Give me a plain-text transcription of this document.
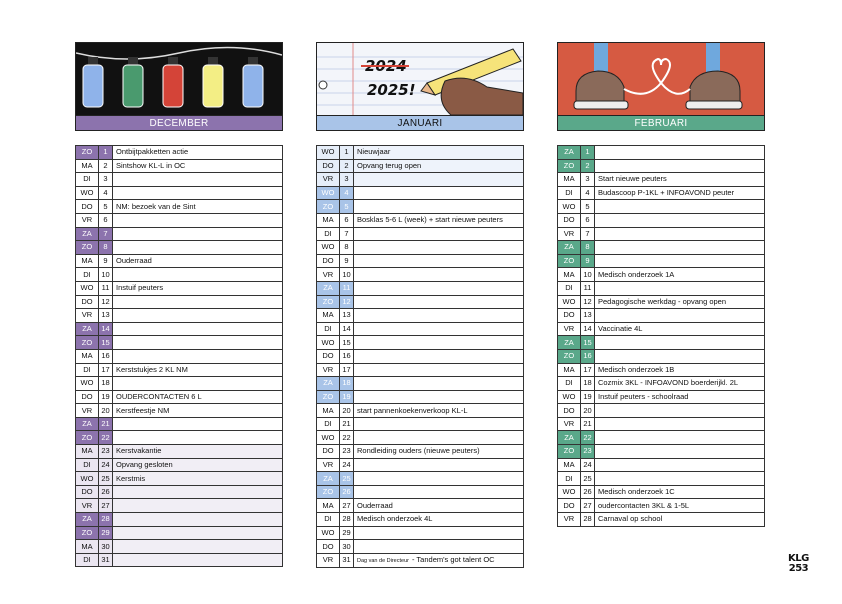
DECEMBER
ZO	1	Ontbijtpakketten actie
MA	2	Sintshow KL-L in OC
DI	3	
WO	4	
DO	5	NM: bezoek van de Sint
VR	6	
ZA	7	
ZO	8	
MA	9	Ouderraad
DI	10	
WO	11	Instuif peuters
DO	12	
VR	13	
ZA	14	
ZO	15	
MA	16	
DI	17	Kerststukjes 2 KL NM
WO	18	
DO	19	OUDERCONTACTEN 6 L
VR	20	Kerstfeestje NM
ZA	21	
ZO	22	
MA	23	Kerstvakantie
DI	24	Opvang gesloten
WO	25	Kerstmis
DO	26	
VR	27	
ZA	28	
ZO	29	
MA	30	
DI	31	
2024
2025!
JANUARI
WO	1	Nieuwjaar
DO	2	Opvang terug open
VR	3	
WO	4	
ZO	5	
MA	6	Bosklas 5-6 L (week) + start nieuwe peuters
DI	7	
WO	8	
DO	9	
VR	10	
ZA	11	
ZO	12	
MA	13	
DI	14	
WO	15	
DO	16	
VR	17	
ZA	18	
ZO	19	
MA	20	start pannenkoekenverkoop KL-L
DI	21	
WO	22	
DO	23	Rondleiding ouders (nieuwe peuters)
VR	24	
ZA	25	
ZO	26	
MA	27	Ouderraad
DI	28	Medisch onderzoek 4L
WO	29	
DO	30	
VR	31	Dag van de Directeur - Tandem's got talent OC
FEBRUARI
ZA	1	
ZO	2	
MA	3	Start nieuwe peuters
DI	4	Budascoop P-1KL + INFOAVOND peuter
WO	5	
DO	6	
VR	7	
ZA	8	
ZO	9	
MA	10	Medisch onderzoek 1A
DI	11	
WO	12	Pedagogische werkdag - opvang open
DO	13	
VR	14	Vaccinatie 4L
ZA	15	
ZO	16	
MA	17	Medisch onderzoek 1B
DI	18	Cozmix 3KL - INFOAVOND boerderijkl. 2L
WO	19	Instuif peuters - schoolraad
DO	20	
VR	21	
ZA	22	
ZO	23	
MA	24	
DI	25	
WO	26	Medisch onderzoek 1C
DO	27	oudercontacten 3KL & 1-5L
VR	28	Carnaval op school
KLG
253
